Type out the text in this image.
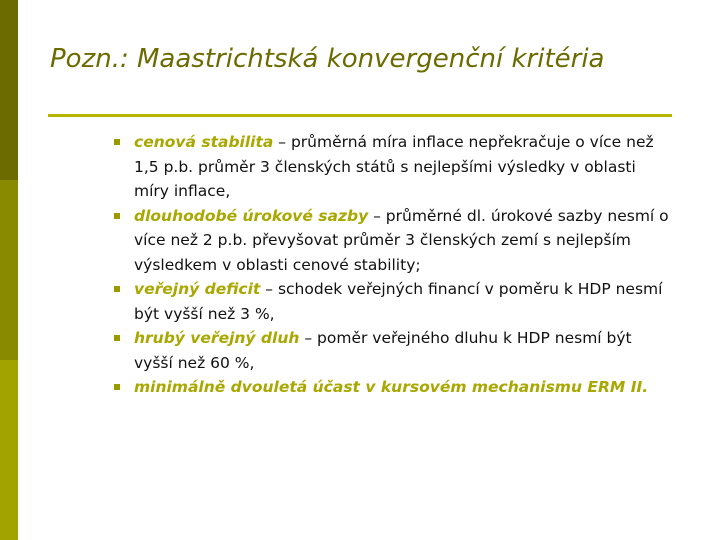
Pozn.: Maastrichtská konvergenční kritéria
cenová stabilita – průměrná míra inflace nepřekračuje o více než 1,5 p.b. průměr 3 členských států s nejlepšími výsledky v oblasti míry inflace,
dlouhodobé úrokové sazby – průměrné dl. úrokové sazby nesmí o více než 2 p.b. převyšovat průměr 3 členských zemí s nejlepším výsledkem v oblasti cenové stability;
veřejný deficit – schodek veřejných financí v poměru k HDP nesmí být vyšší než 3 %,
hrubý veřejný dluh – poměr veřejného dluhu k HDP nesmí být vyšší než 60 %,
minimálně dvouletá účast v kursovém mechanismu ERM II.
